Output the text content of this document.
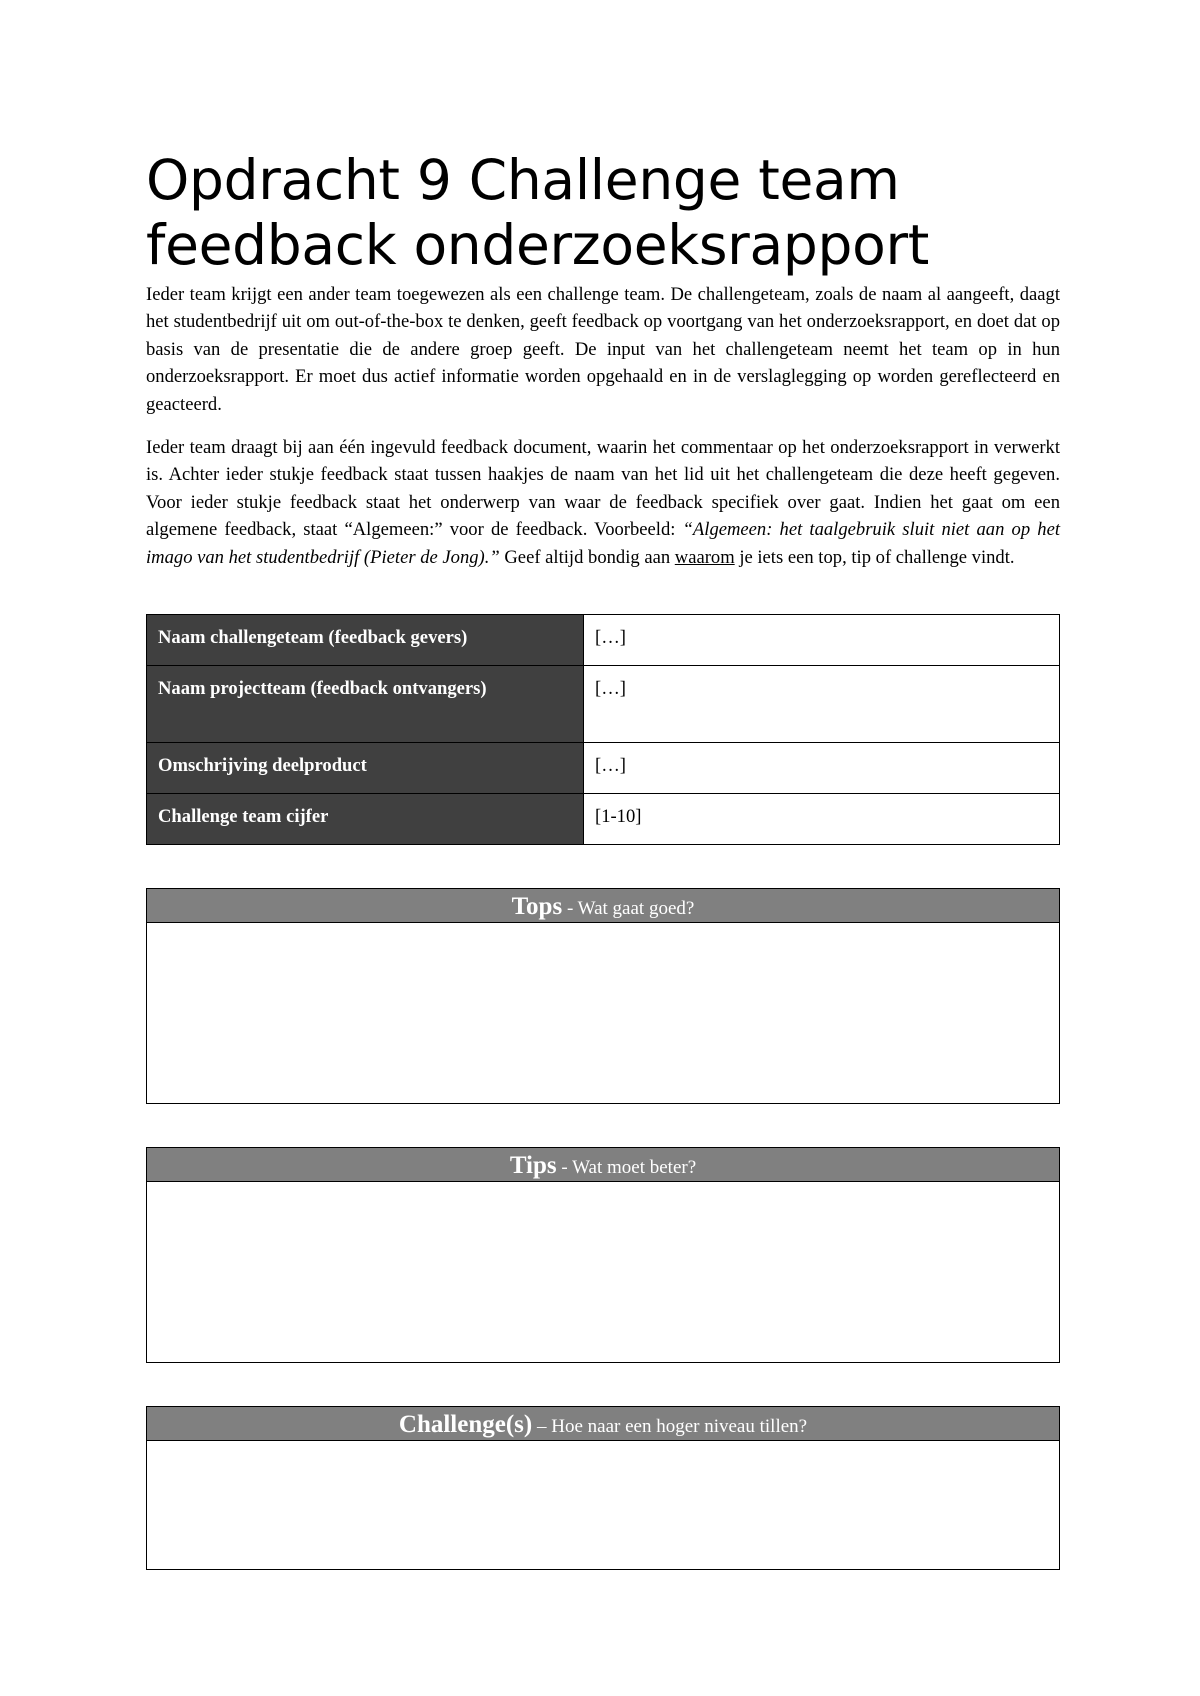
Opdracht 9 Challenge team feedback onderzoeksrapport

Ieder team krijgt een ander team toegewezen als een challenge team. De challengeteam, zoals de naam al aangeeft, daagt het studentbedrijf uit om out-of-the-box te denken, geeft feedback op voortgang van het onderzoeksrapport, en doet dat op basis van de presentatie die de andere groep geeft. De input van het challengeteam neemt het team op in hun onderzoeksrapport. Er moet dus actief informatie worden opgehaald en in de verslaglegging op worden gereflecteerd en geacteerd.

Ieder team draagt bij aan één ingevuld feedback document, waarin het commentaar op het onderzoeksrapport in verwerkt is. Achter ieder stukje feedback staat tussen haakjes de naam van het lid uit het challengeteam die deze heeft gegeven. Voor ieder stukje feedback staat het onderwerp van waar de feedback specifiek over gaat. Indien het gaat om een algemene feedback, staat “Algemeen:” voor de feedback. Voorbeeld: “Algemeen: het taalgebruik sluit niet aan op het imago van het studentbedrijf (Pieter de Jong).” Geef altijd bondig aan waarom je iets een top, tip of challenge vindt.

Naam challengeteam (feedback gevers)	[…]
Naam projectteam (feedback ontvangers)	[…]
Omschrijving deelproduct	[…]
Challenge team cijfer	[1-10]
Tops - Wat gaat goed?
Tips - Wat moet beter?
Challenge(s) – Hoe naar een hoger niveau tillen?
